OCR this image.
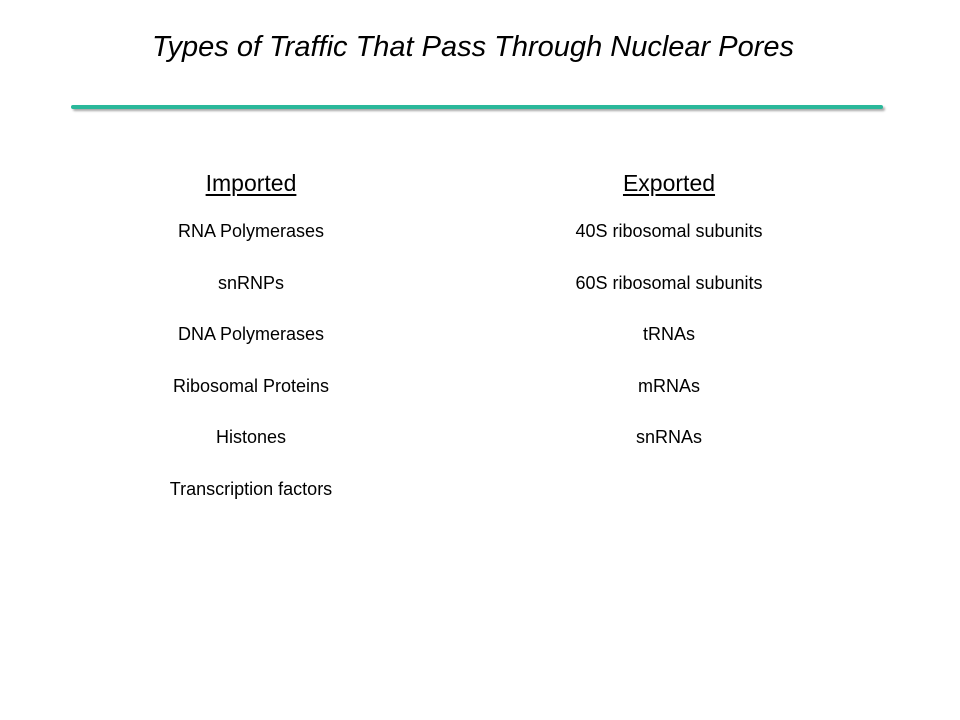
Types of Traffic That Pass Through Nuclear Pores
Imported
RNA Polymerases
snRNPs
DNA Polymerases
Ribosomal Proteins
Histones
Transcription factors
Exported
40S ribosomal subunits
60S ribosomal subunits
tRNAs
mRNAs
snRNAs
